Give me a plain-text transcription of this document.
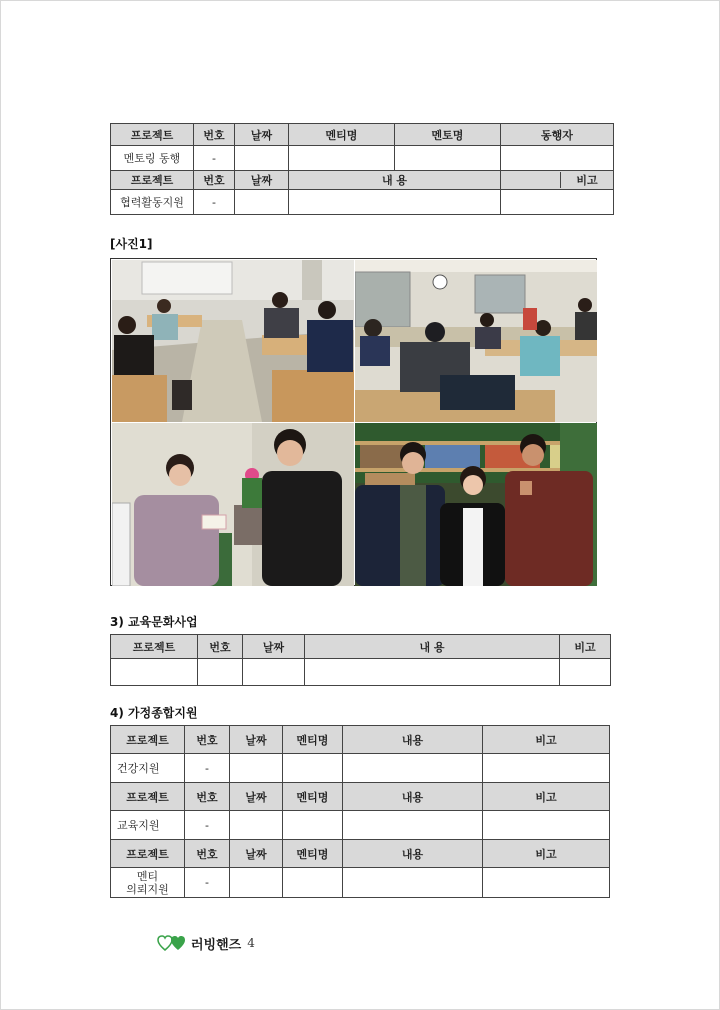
프로젝트	번호	날짜	멘티명	멘토명	동행자
멘토링 동행	-				
프로젝트	번호	날짜	내 용		비고

협력활동지원	-				
[사진1]
3) 교육문화사업
프로젝트	번호	날짜	내 용	비고

4) 가정종합지원
프로젝트	번호	날짜	멘티명	내용	비고
건강지원	-				
프로젝트	번호	날짜	멘티명	내용	비고
교육지원	-				
프로젝트	번호	날짜	멘티명	내용	비고

멘티
의뢰지원	-				
러빙핸즈 4
